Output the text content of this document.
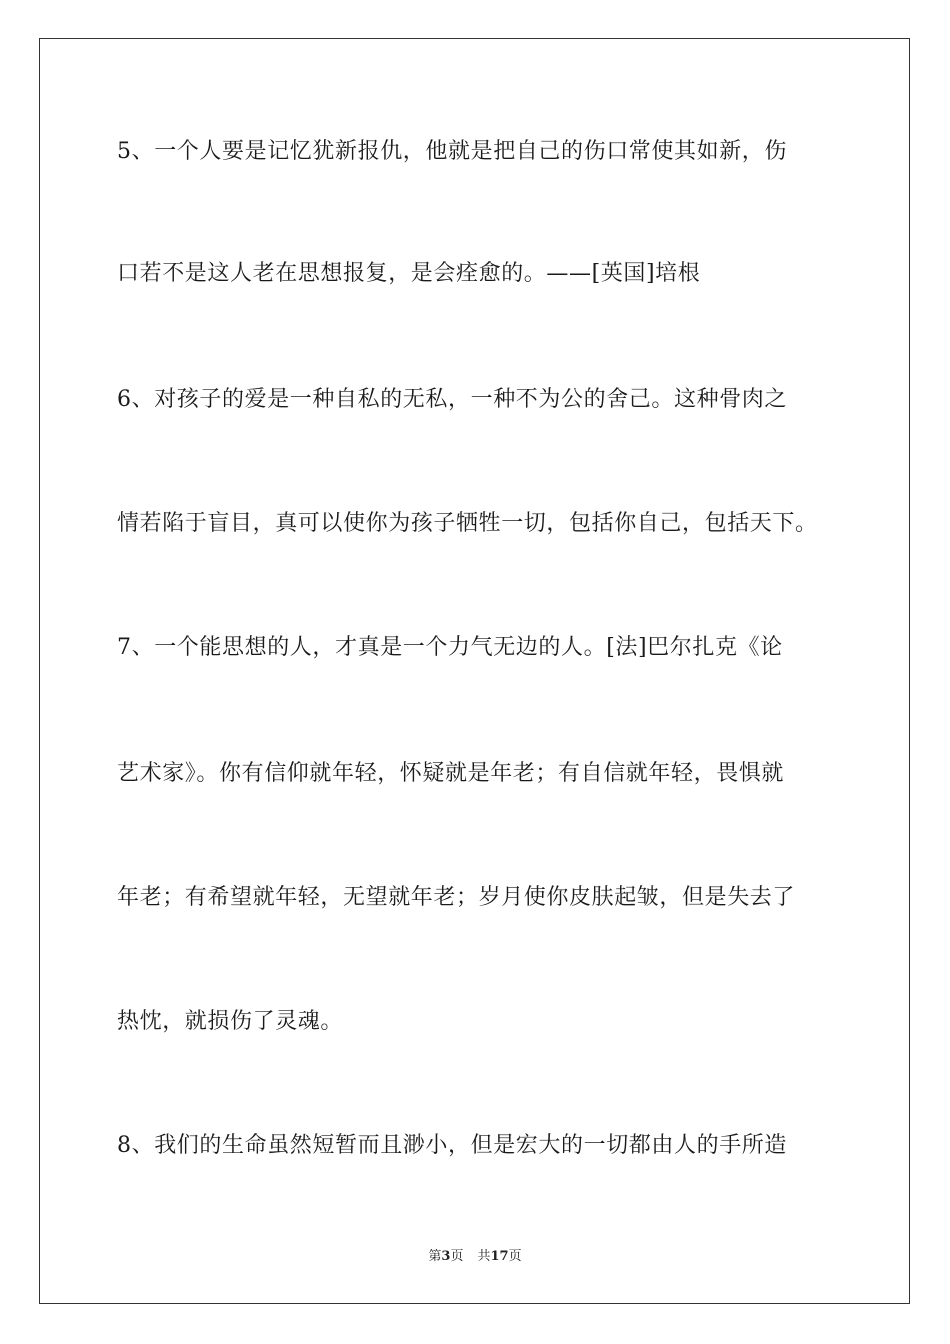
5、一个人要是记忆犹新报仇，他就是把自己的伤口常使其如新，伤
口若不是这人老在思想报复，是会痊愈的。——[英国]培根
6、对孩子的爱是一种自私的无私，一种不为公的舍己。这种骨肉之
情若陷于盲目，真可以使你为孩子牺牲一切，包括你自己，包括天下。
7、一个能思想的人，才真是一个力气无边的人。[法]巴尔扎克《论
艺术家》。你有信仰就年轻，怀疑就是年老；有自信就年轻，畏惧就
年老；有希望就年轻，无望就年老；岁月使你皮肤起皱，但是失去了
热忱，就损伤了灵魂。
8、我们的生命虽然短暂而且渺小，但是宏大的一切都由人的手所造
第3页 共17页
